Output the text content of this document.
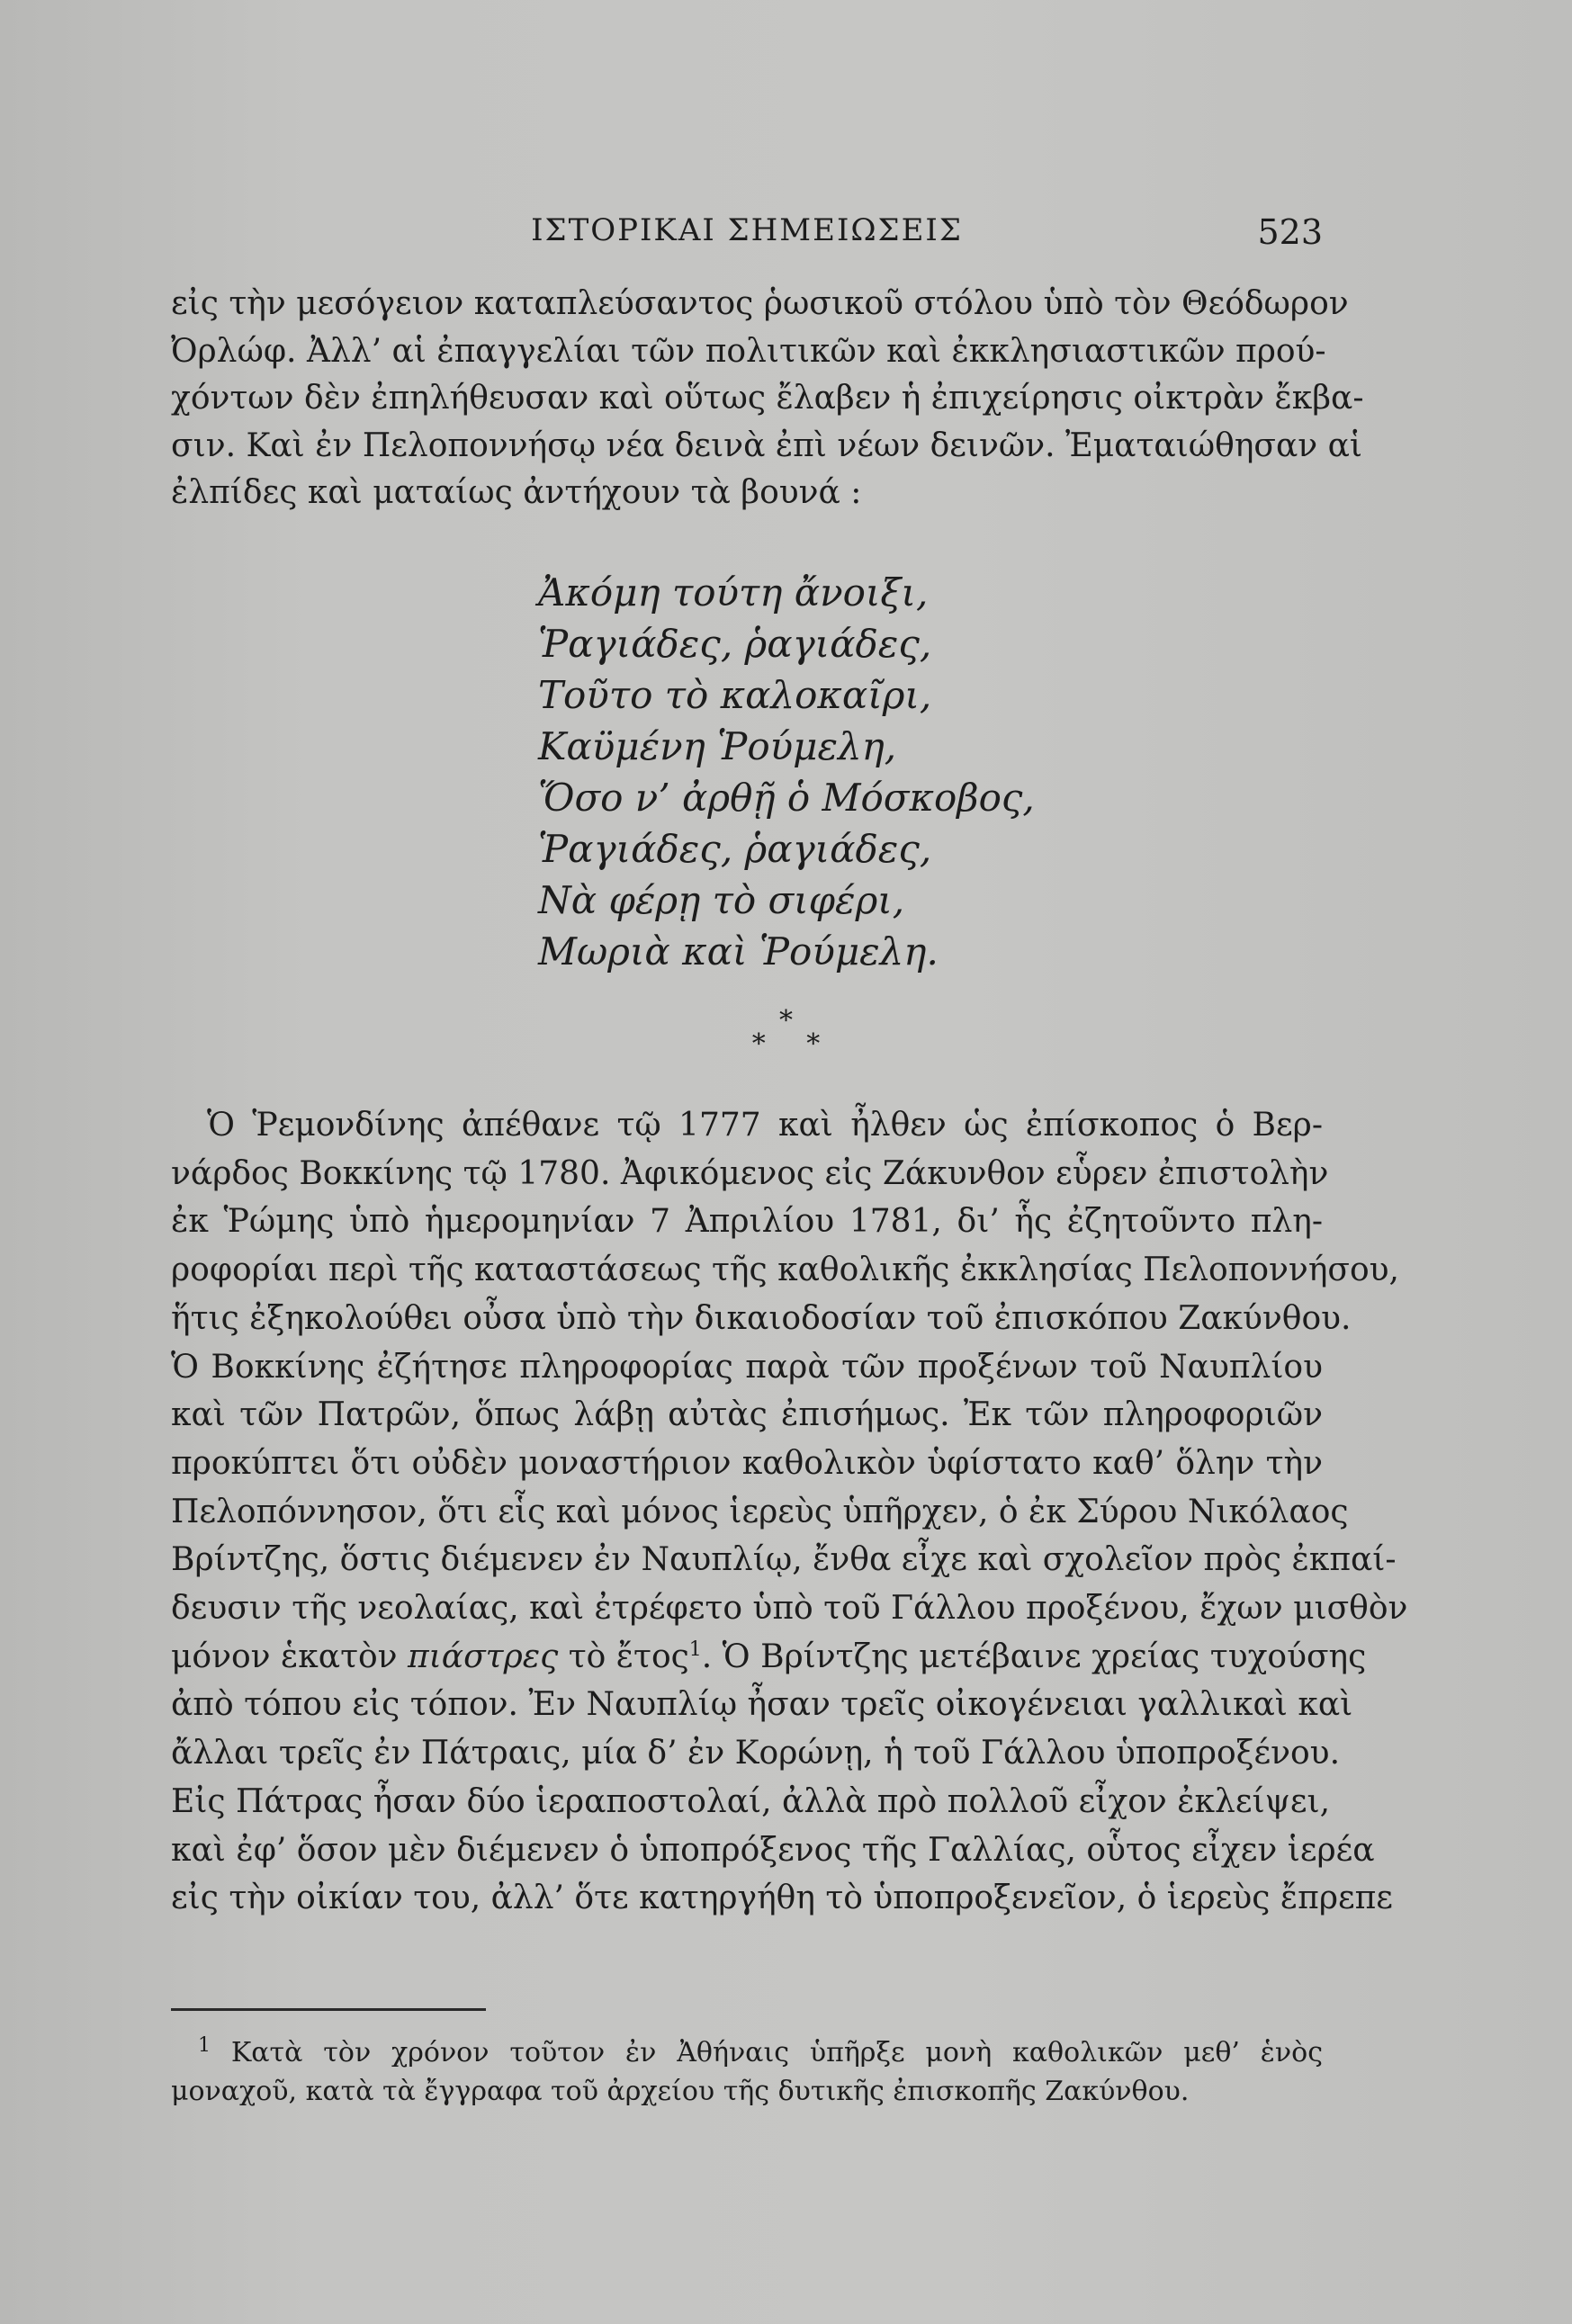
ΙΣΤΟΡΙΚΑΙ ΣΗΜΕΙΩΣΕΙΣ	523
εἰς τὴν μεσόγειον καταπλεύσαντος ῥωσικοῦ στόλου ὑπὸ τὸν Θεόδωρον
Ὀρλώφ. Ἀλλ’ αἱ ἐπαγγελίαι τῶν πολιτικῶν καὶ ἐκκλησιαστικῶν πρού-
χόντων δὲν ἐπηλήθευσαν καὶ οὕτως ἔλαβεν ἡ ἐπιχείρησις οἰκτρὰν ἔκβα-
σιν. Καὶ ἐν Πελοποννήσῳ νέα δεινὰ ἐπὶ νέων δεινῶν. Ἐματαιώθησαν αἱ
ἐλπίδες καὶ ματαίως ἀντήχουν τὰ βουνά :
Ἀκόμη τούτη ἄνοιξι,
Ῥαγιάδες, ῥαγιάδες,
Τοῦτο τὸ καλοκαῖρι,
Καϋμένη Ῥούμελη,
Ὅσο ν’ ἀρθῇ ὁ Μόσκοβος,
Ῥαγιάδες, ῥαγιάδες,
Νὰ φέρῃ τὸ σιφέρι,
Μωριὰ καὶ Ῥούμελη.
*
* *
Ὁ Ῥεμονδίνης ἀπέθανε τῷ 1777 καὶ ἦλθεν ὡς ἐπίσκοπος ὁ Βερ-
νάρδος Βοκκίνης τῷ 1780. Ἀφικόμενος εἰς Ζάκυνθον εὗρεν ἐπιστολὴν
ἐκ Ῥώμης ὑπὸ ἡμερομηνίαν 7 Ἀπριλίου 1781, δι’ ἧς ἐζητοῦντο πλη-
ροφορίαι περὶ τῆς καταστάσεως τῆς καθολικῆς ἐκκλησίας Πελοποννήσου,
ἥτις ἐξηκολούθει οὖσα ὑπὸ τὴν δικαιοδοσίαν τοῦ ἐπισκόπου Ζακύνθου.
Ὁ Βοκκίνης ἐζήτησε πληροφορίας παρὰ τῶν προξένων τοῦ Ναυπλίου
καὶ τῶν Πατρῶν, ὅπως λάβῃ αὐτὰς ἐπισήμως. Ἐκ τῶν πληροφοριῶν
προκύπτει ὅτι οὐδὲν μοναστήριον καθολικὸν ὑφίστατο καθ’ ὅλην τὴν
Πελοπόννησον, ὅτι εἷς καὶ μόνος ἱερεὺς ὑπῆρχεν, ὁ ἐκ Σύρου Νικόλαος
Βρίντζης, ὅστις διέμενεν ἐν Ναυπλίῳ, ἔνθα εἶχε καὶ σχολεῖον πρὸς ἐκπαί-
δευσιν τῆς νεολαίας, καὶ ἐτρέφετο ὑπὸ τοῦ Γάλλου προξένου, ἔχων μισθὸν
μόνον ἑκατὸν πιάστρες τὸ ἔτος$^1$. Ὁ Βρίντζης μετέβαινε χρείας τυχούσης
ἀπὸ τόπου εἰς τόπον. Ἐν Ναυπλίῳ ἦσαν τρεῖς οἰκογένειαι γαλλικαὶ καὶ
ἄλλαι τρεῖς ἐν Πάτραις, μία δ’ ἐν Κορώνῃ, ἡ τοῦ Γάλλου ὑποπροξένου.
Εἰς Πάτρας ἦσαν δύο ἱεραποστολαί, ἀλλὰ πρὸ πολλοῦ εἶχον ἐκλείψει,
καὶ ἐφ’ ὅσον μὲν διέμενεν ὁ ὑποπρόξενος τῆς Γαλλίας, οὗτος εἶχεν ἱερέα
εἰς τὴν οἰκίαν του, ἀλλ’ ὅτε κατηργήθη τὸ ὑποπροξενεῖον, ὁ ἱερεὺς ἔπρεπε
$^1$ Κατὰ τὸν χρόνον τοῦτον ἐν Ἀθήναις ὑπῆρξε μονὴ καθολικῶν μεθ’ ἑνὸς
μοναχοῦ, κατὰ τὰ ἔγγραφα τοῦ ἀρχείου τῆς δυτικῆς ἐπισκοπῆς Ζακύνθου.
